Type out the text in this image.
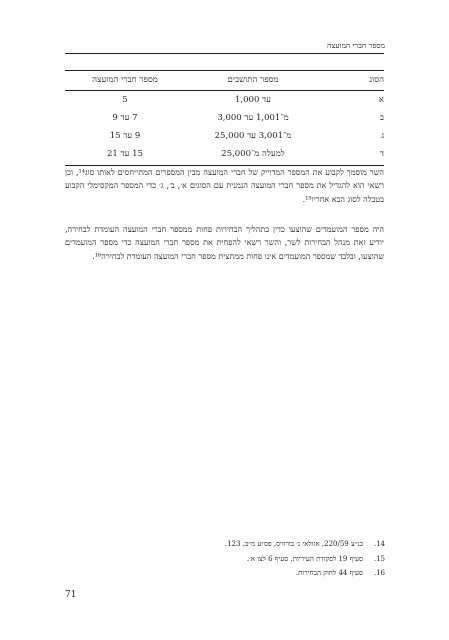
מספר חברי המועצה
הסוג
מספר התושבים
מספר חברי המועצה
א
עד 1,000
5
ב
מ־1,001 עד 3,000
7 עד 9
ג
מ־3,001 עד 25,000
9 עד 15
ד
למעלה מ־25,000
15 עד 21

השר מוסמך לקבוע את המספר המדוייק של חברי המועצה מבין המספרים המתייחסים לאותו סוג¹⁴, וכן רשאי הוא להגדיל את מספר חברי המועצה הנמנית עם הסוגים א׳, ב׳, ג׳ כדי המספר המקסימלי הקבוע בטבלה לסוג הבא אחריו¹⁵.

היה מספר המועמדים שהוצעו כדין בתהליך הבחירות פחות ממספר חברי המועצה העומדת לבחירה, יודיע זאת מנהל הבחירות לשר, והשר רשאי להפחית את מספר חברי המועצה כדי מספר המועמדים שהוצעו, ובלבד שמספר המועמדים אינו פחות ממחצית מספר חברי המועצה העומדת לבחירה¹⁶.

14.
בג״צ 220/59, אזולאי נ׳ בורוויס, פס״ע מ״ב, 123.
15.
סעיף 19 לפקודת העיריות, סעיף 6 לצו א׳.
16.
סעיף 44 לחוק הבחירות.
71
